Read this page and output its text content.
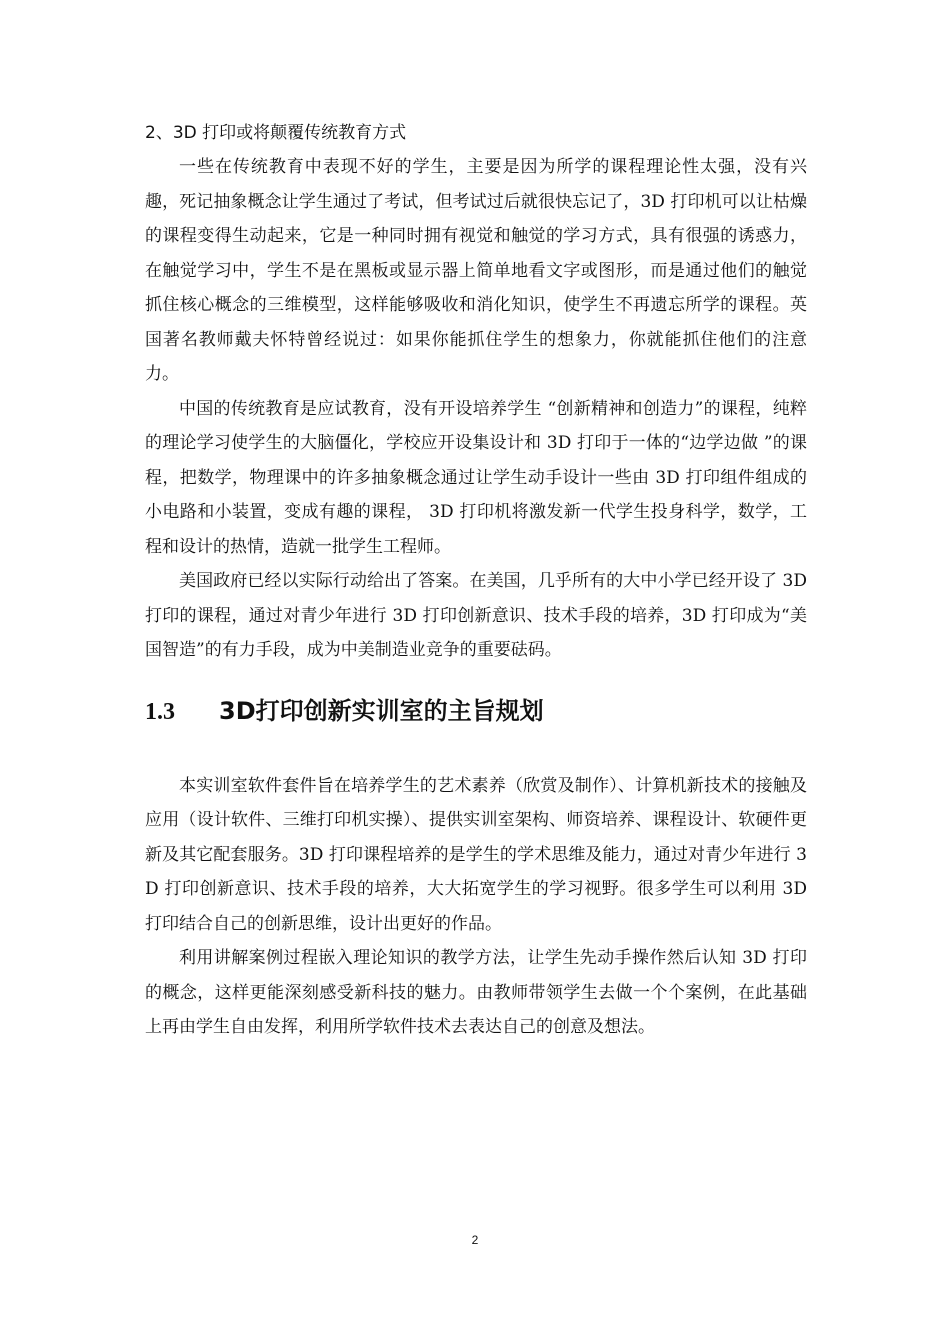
2、3D 打印或将颠覆传统教育方式

一些在传统教育中表现不好的学生，主要是因为所学的课程理论性太强，没有兴趣，死记抽象概念让学生通过了考试，但考试过后就很快忘记了，3D 打印机可以让枯燥的课程变得生动起来，它是一种同时拥有视觉和触觉的学习方式，具有很强的诱惑力，在触觉学习中，学生不是在黑板或显示器上简单地看文字或图形，而是通过他们的触觉抓住核心概念的三维模型，这样能够吸收和消化知识，使学生不再遗忘所学的课程。英国著名教师戴夫怀特曾经说过：如果你能抓住学生的想象力，你就能抓住他们的注意力。

中国的传统教育是应试教育，没有开设培养学生 “创新精神和创造力”的课程，纯粹的理论学习使学生的大脑僵化，学校应开设集设计和 3D 打印于一体的“边学边做 ”的课程，把数学，物理课中的许多抽象概念通过让学生动手设计一些由 3D 打印组件组成的小电路和小装置，变成有趣的课程， 3D 打印机将激发新一代学生投身科学，数学，工程和设计的热情，造就一批学生工程师。

美国政府已经以实际行动给出了答案。在美国，几乎所有的大中小学已经开设了 3D 打印的课程，通过对青少年进行 3D 打印创新意识、技术手段的培养，3D 打印成为“美国智造”的有力手段，成为中美制造业竞争的重要砝码。

1.3 3D打印创新实训室的主旨规划

本实训室软件套件旨在培养学生的艺术素养（欣赏及制作）、计算机新技术的接触及应用（设计软件、三维打印机实操）、提供实训室架构、师资培养、课程设计、软硬件更新及其它配套服务。3D 打印课程培养的是学生的学术思维及能力，通过对青少年进行 3D 打印创新意识、技术手段的培养，大大拓宽学生的学习视野。很多学生可以利用 3D 打印结合自己的创新思维，设计出更好的作品。

利用讲解案例过程嵌入理论知识的教学方法，让学生先动手操作然后认知 3D 打印的概念，这样更能深刻感受新科技的魅力。由教师带领学生去做一个个案例，在此基础上再由学生自由发挥，利用所学软件技术去表达自己的创意及想法。

2
